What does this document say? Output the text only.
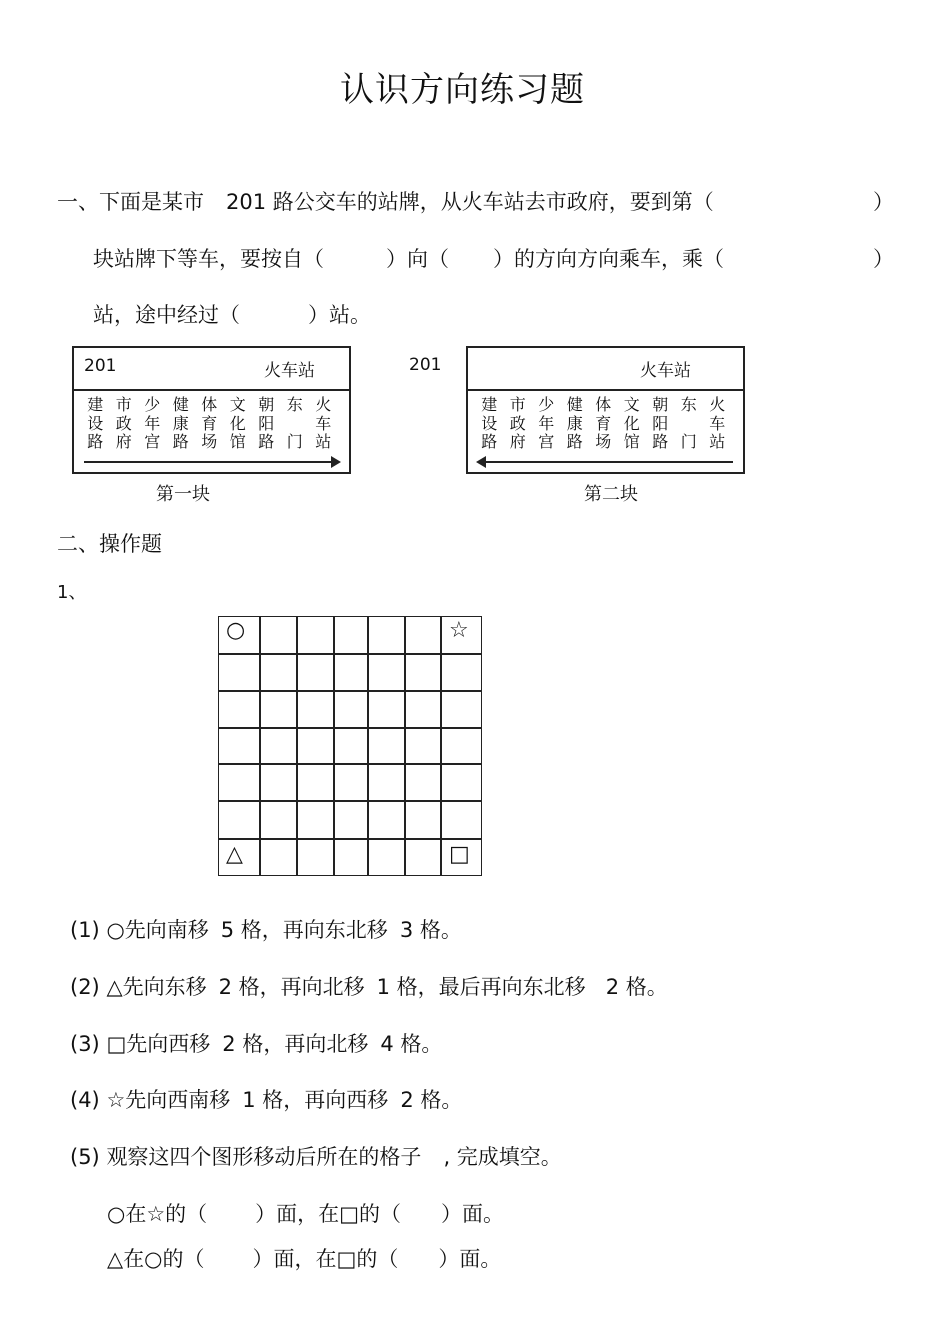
认识方向练习题
一、下面是某市 201 路公交车的站牌，从火车站去市政府，要到第（	）
块站牌下等车，要按自（	）向（ ）的方向方向乘车，乘（	）
站，途中经过（	）站。
201	火车站
建
设
路
市
政
府
少
年
宫
健
康
路
体
育
场
文
化
馆
朝
阳
路
东
门
火
车
站
第一块
201	火车站
建
设
路
市
政
府
少
年
宫
健
康
路
体
育
场
文
化
馆
朝
阳
路
东
门
火
车
站
第二块
二、操作题
1、
○	☆
△	□
(1) ○先向南移 5 格，再向东北移 3 格。
(2) △先向东移 2 格，再向北移 1 格，最后再向东北移 2 格。
(3) □先向西移 2 格，再向北移 4 格。
(4) ☆先向西南移 1 格，再向西移 2 格。
(5) 观察这四个图形移动后所在的格子 , 完成填空。
○在☆的（ ）面，在□的（ ）面。
△在○的（ ）面，在□的（ ）面。
